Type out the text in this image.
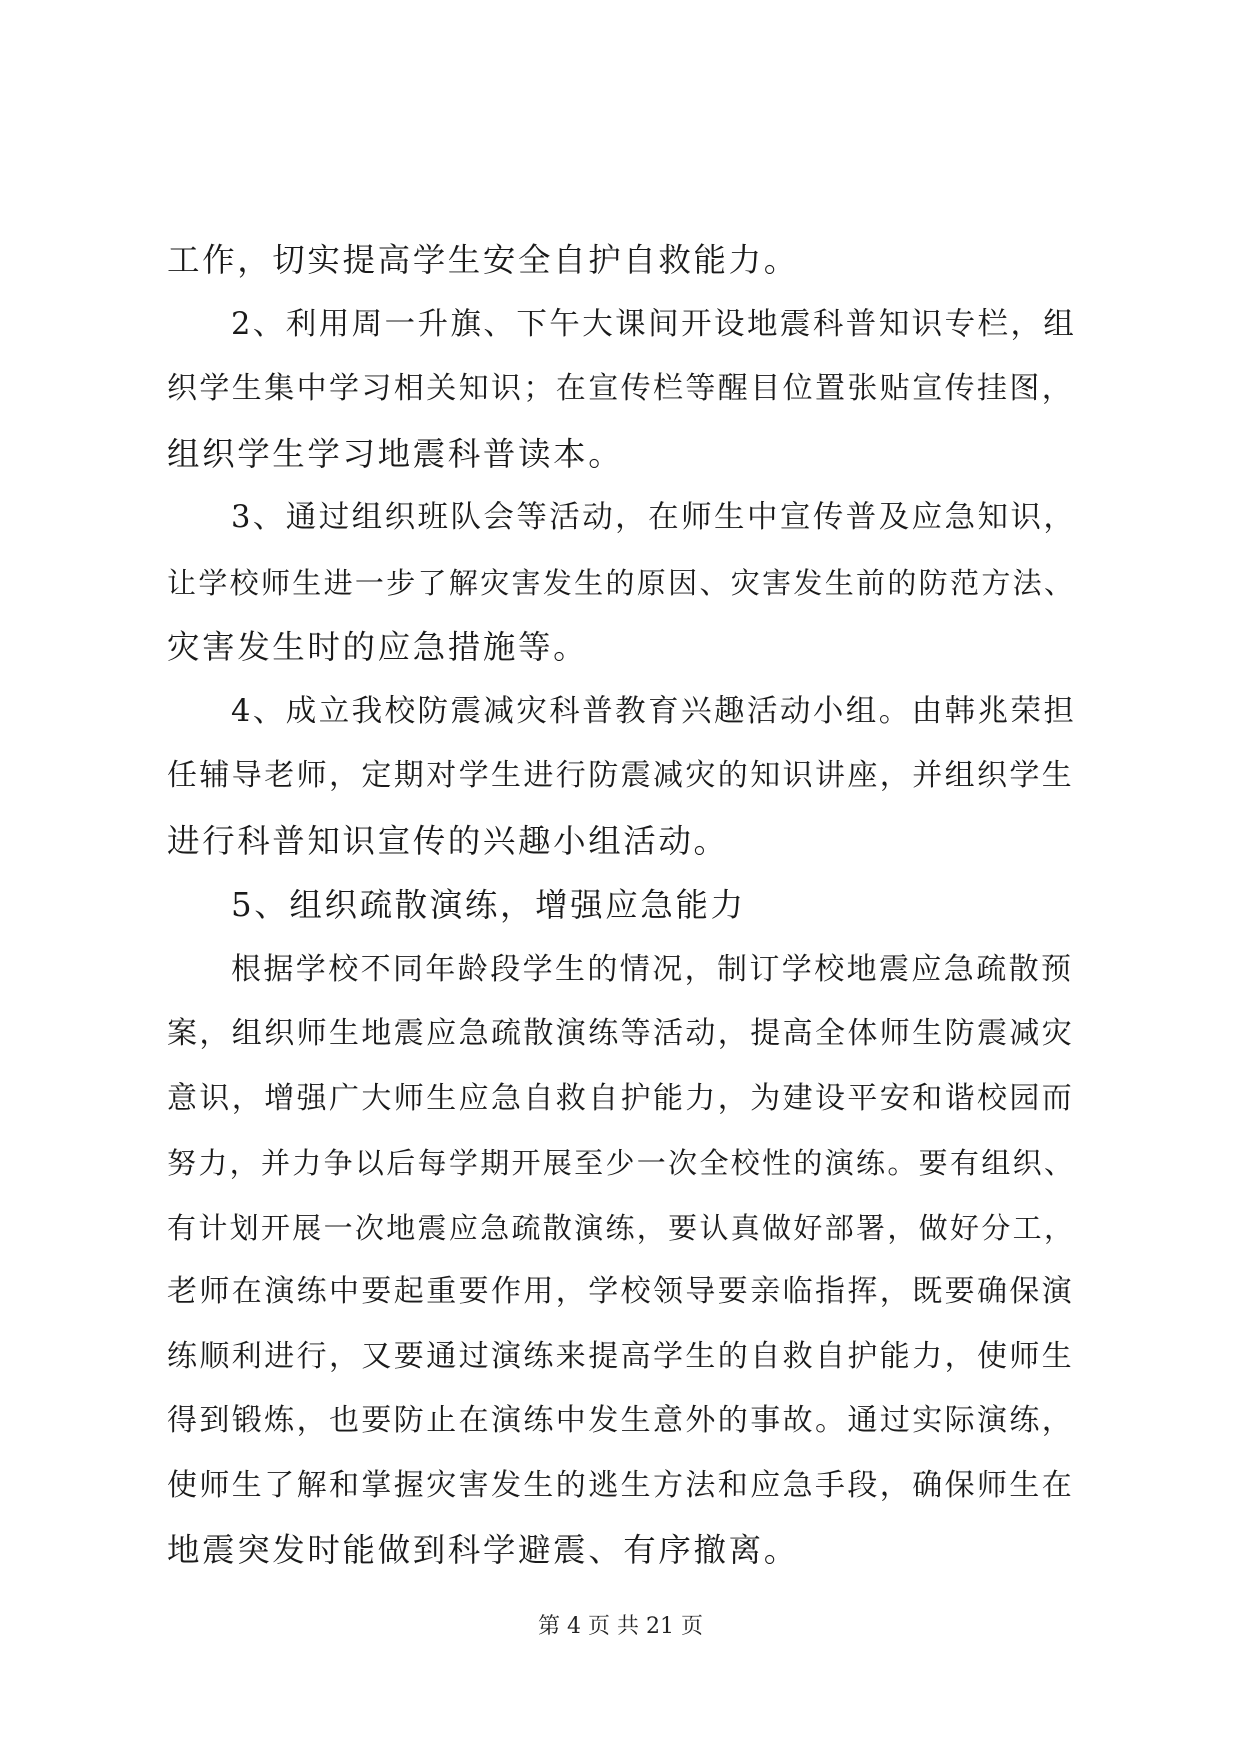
工作，切实提高学生安全自护自救能力。
2、利用周一升旗、下午大课间开设地震科普知识专栏，组
织学生集中学习相关知识；在宣传栏等醒目位置张贴宣传挂图，
组织学生学习地震科普读本。
3、通过组织班队会等活动，在师生中宣传普及应急知识，
让学校师生进一步了解灾害发生的原因、灾害发生前的防范方法、
灾害发生时的应急措施等。
4、成立我校防震减灾科普教育兴趣活动小组。由韩兆荣担
任辅导老师，定期对学生进行防震减灾的知识讲座，并组织学生
进行科普知识宣传的兴趣小组活动。
5、组织疏散演练，增强应急能力
根据学校不同年龄段学生的情况，制订学校地震应急疏散预
案，组织师生地震应急疏散演练等活动，提高全体师生防震减灾
意识，增强广大师生应急自救自护能力，为建设平安和谐校园而
努力，并力争以后每学期开展至少一次全校性的演练。要有组织、
有计划开展一次地震应急疏散演练，要认真做好部署，做好分工，
老师在演练中要起重要作用，学校领导要亲临指挥，既要确保演
练顺利进行，又要通过演练来提高学生的自救自护能力，使师生
得到锻炼，也要防止在演练中发生意外的事故。通过实际演练，
使师生了解和掌握灾害发生的逃生方法和应急手段，确保师生在
地震突发时能做到科学避震、有序撤离。
第 4 页 共 21 页
